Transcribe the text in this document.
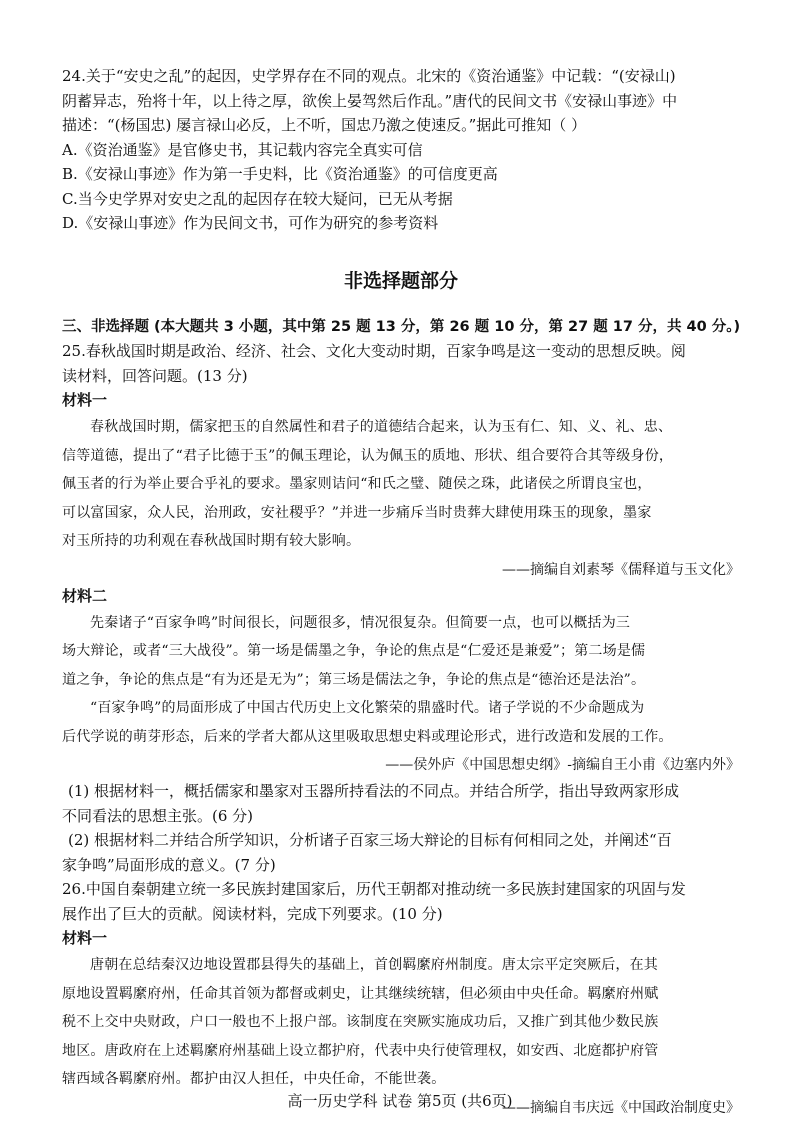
24.关于“安史之乱”的起因，史学界存在不同的观点。北宋的《资治通鉴》中记载：“(安禄山)
阴蓄异志，殆将十年，以上待之厚，欲俟上晏驾然后作乱。”唐代的民间文书《安禄山事迹》中
描述：“(杨国忠) 屡言禄山必反，上不听，国忠乃激之使速反。”据此可推知（ ）
A.《资治通鉴》是官修史书，其记载内容完全真实可信
B.《安禄山事迹》作为第一手史料，比《资治通鉴》的可信度更高
C.当今史学界对安史之乱的起因存在较大疑问，已无从考据
D.《安禄山事迹》作为民间文书，可作为研究的参考资料
非选择题部分
三、非选择题 (本大题共 3 小题，其中第 25 题 13 分，第 26 题 10 分，第 27 题 17 分，共 40 分。)
25.春秋战国时期是政治、经济、社会、文化大变动时期，百家争鸣是这一变动的思想反映。阅
读材料，回答问题。(13 分)
材料一
春秋战国时期，儒家把玉的自然属性和君子的道德结合起来，认为玉有仁、知、义、礼、忠、
信等道德，提出了“君子比德于玉”的佩玉理论，认为佩玉的质地、形状、组合要符合其等级身份，
佩玉者的行为举止要合乎礼的要求。墨家则诘问“和氏之璧、随侯之珠，此诸侯之所谓良宝也，
可以富国家，众人民，治刑政，安社稷乎？”并进一步痛斥当时贵葬大肆使用珠玉的现象，墨家
对玉所持的功利观在春秋战国时期有较大影响。
——摘编自刘素琴《儒释道与玉文化》
材料二
先秦诸子“百家争鸣”时间很长，问题很多，情况很复杂。但简要一点，也可以概括为三
场大辩论，或者“三大战役”。第一场是儒墨之争，争论的焦点是“仁爱还是兼爱”；第二场是儒
道之争，争论的焦点是“有为还是无为”；第三场是儒法之争，争论的焦点是“德治还是法治”。
“百家争鸣”的局面形成了中国古代历史上文化繁荣的鼎盛时代。诸子学说的不少命题成为
后代学说的萌芽形态，后来的学者大都从这里吸取思想史料或理论形式，进行改造和发展的工作。
——侯外庐《中国思想史纲》-摘编自王小甫《边塞内外》
(1) 根据材料一，概括儒家和墨家对玉器所持看法的不同点。并结合所学，指出导致两家形成
不同看法的思想主张。(6 分)
(2) 根据材料二并结合所学知识，分析诸子百家三场大辩论的目标有何相同之处，并阐述“百
家争鸣”局面形成的意义。(7 分)
26.中国自秦朝建立统一多民族封建国家后，历代王朝都对推动统一多民族封建国家的巩固与发
展作出了巨大的贡献。阅读材料，完成下列要求。(10 分)
材料一
唐朝在总结秦汉边地设置郡县得失的基础上，首创羁縻府州制度。唐太宗平定突厥后，在其
原地设置羁縻府州，任命其首领为都督或刺史，让其继续统辖，但必须由中央任命。羁縻府州赋
税不上交中央财政，户口一般也不上报户部。该制度在突厥实施成功后，又推广到其他少数民族
地区。唐政府在上述羁縻府州基础上设立都护府，代表中央行使管理权，如安西、北庭都护府管
辖西域各羁縻府州。都护由汉人担任，中央任命，不能世袭。
——摘编自韦庆远《中国政治制度史》
高一历史学科 试卷 第5页 (共6页)
